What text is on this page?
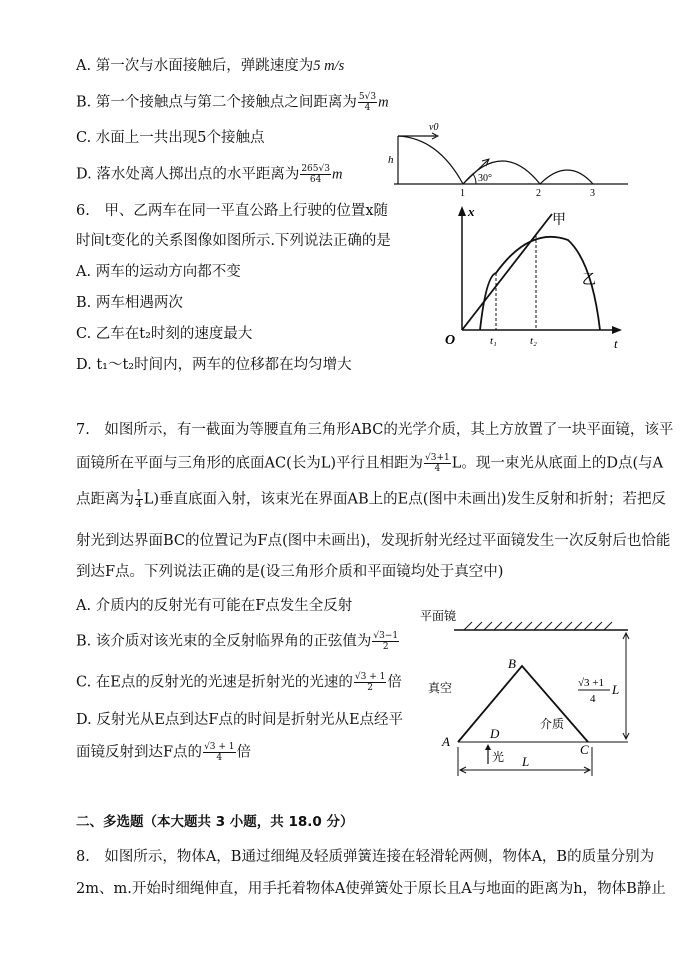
A. 第一次与水面接触后，弹跳速度为5 m/s
B. 第一个接触点与第二个接触点之间距离为 $\frac{5√3}{4}$ m
C. 水面上一共出现5个接触点
D. 落水处离人掷出点的水平距离为 $\frac{265√3}{64}$ m
v0
h
30°
1	2	3
6.　甲、乙两车在同一平直公路上行驶的位置x随
时间t变化的关系图像如图所示.下列说法正确的是
A. 两车的运动方向都不变
B. 两车相遇两次
C. 乙车在t₂时刻的速度最大
D. t₁～t₂时间内，两车的位移都在均匀增大
x
t
O	t₁	t₂
甲
乙
7.　如图所示，有一截面为等腰直角三角形ABC的光学介质，其上方放置了一块平面镜，该平
面镜所在平面与三角形的底面AC(长为L)平行且相距为 $\frac{√3+1}{4}$ L。现一束光从底面上的D点(与A
点距离为 $\frac{1}{4} L$)垂直底面入射，该束光在界面AB上的E点(图中未画出)发生反射和折射；若把反
射光到达界面BC的位置记为F点(图中未画出)，发现折射光经过平面镜发生一次反射后也恰能
到达F点。下列说法正确的是(设三角形介质和平面镜均处于真空中)
A. 介质内的反射光有可能在F点发生全反射
B. 该介质对该光束的全反射临界角的正弦值为 $\frac{√3-1}{2}$
C. 在E点的反射光的光速是折射光的光速的 $\frac{√3 + 1}{2}$ 倍
D. 反射光从E点到达F点的时间是折射光从E点经平
面镜反射到达F点的 $\frac{√3 + 1}{4}$ 倍
平面镜
B
A
C
D
光
真空
介质
L
√3 +1
4
L
二、多选题（本大题共 3 小题，共 18.0 分）
8.　如图所示，物体A，B通过细绳及轻质弹簧连接在轻滑轮两侧，物体A，B的质量分别为
2m、m.开始时细绳伸直，用手托着物体A使弹簧处于原长且A与地面的距离为h，物体B静止
